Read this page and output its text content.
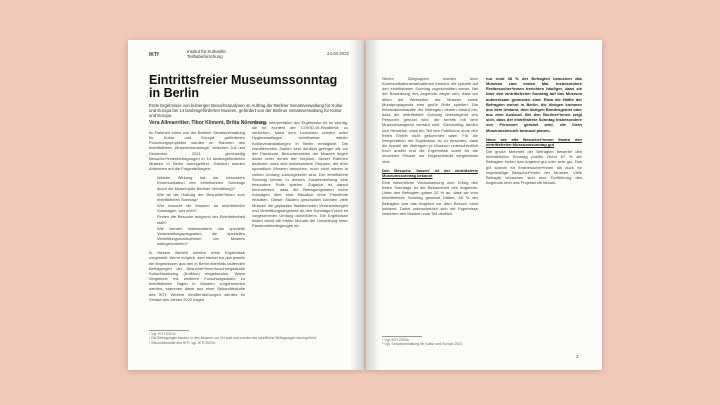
IKTf
Institut für Kulturelle
Teilhabeforschung
24.03.2022
Eintrittsfreier Museumssonntag in Berlin
Erste Ergebnisse von bisheriger Besuchsanalysen im Auftrag der Berliner Senatsverwaltung für Kultur und Europa bei 14 landesgeförderten Museen, gefördert von der Berliner Senatsverwaltung für Kultur und Europa
Vera Allmanritter, Tibor Kliment, Britta Nörenberg

Im Rahmen eines von der Berliner Senatsverwaltung für Kultur und Europa geförderten Forschungsprojektes wurden im Rahmen des eintrittsfreien „Museumssonntags“ zwischen Juli und Dezember 2021 gleichzeitig Besucher*innenbefragungen in 14 landesgeförderten Museen in Berlin durchgeführt. Dadurch wurden Antworten auf die Fragestellungen:

• Welche Wirkung hat der besondere Kommunikation des eintrittsfreien Sonntags durch die Museen(die Berliner Vermittlung)?
• Wie ist die Haltung der Besucher*innen zum eintrittsfreien Sonntag?
• Wer besucht die Museen an eintrittsfreien Sonntagen, wer nicht?
• Finden die Besuche aufgrund der Eintrittsfreiheit statt?
• Wie werden insbesondere das spezielle Veranstaltungsprogramm die speziellen Vermittlungsmaßnahmen der Museen wahrgenommen?

In diesem Bericht werden erste Ergebnisse vorgestellt. Wenn möglich, sind hierbei wo das jeweils ein Ergebnissen aus den in Berlin ebenfalls laufenden Befragungen der Besucher*innenforschungsstudie KulturMonitoring (KulMon) eingebunden. Wann Vergleiche mit weiteren Forschungsdaten zu eintrittsfreien Tagen in Museen vorgenommen werden, stammen diese aus einer Sekundärstudie des IKTf. Weitere Veröffentlichungen werden im Verlauf des Jahres 2022 folgen.

Für eine Interpretation der Ergebnisse ist es wichtig, sie im Kontext der COVID-19-Pandemie zu verstehen. Nach dem Lockdown wurden unter Hygieneauflagen schrittweise wieder Kulturveranstaltungen in Berlin ermöglicht. Die resultierenden Zahlen sind deutlich geringer als vor der Pandemie. Besucherzahlen der Museen liegen daher unter denen der Vorjahre. Dieser Rahmen bedeutet, dass sich insbesondere Gruppen, die eher sporadisch Museen besuchen, noch nicht wieder in vollem Umfang zurückgekehrt sind. Der eintrittsfreie Sonntag könnte in diesem Zusammenhang eine besondere Rolle spielen. Zugleich ist darauf hinzuweisen, dass die Befragungsdaten keine Aussagen über eine Situation ohne Pandemie erlauben. Dieser Studien geschuldet konnten viele Museen die geplanten flankierenden Veranstaltungen und Vermittlungsangebote an den Sonntagen nicht im vorgesehenen Umfang durchführen. Die Ergebnisse bilden damit die ersten Monate der Umsetzung unter Pandemiebedingungen ab.

¹ Vgl. IKTf 2022a.
² Die Befragungen fanden in den Museen vor Ort statt und wurden als schriftliche Befragungen durchgeführt.
³ Sekundärstudie des IKTf, vgl. IKTf 2022b.

Neuen Zielgruppen wurden über Kommunikationsmaßnahmen erreicht, die speziell auf den eintrittsfreien Sonntag zugeschnitten waren. Bei der Bewerbung des Angebots zeigte sich, dass vor allem die Webseiten der Museen sowie Mundpropaganda eine große Rolle spielten. Die Informationskanäle der Befragten deuten darauf hin, dass der eintrittsfreie Sonntag überwiegend von Personen genutzt wird, die bereits mit dem Museumsangebot vertraut sind. Gleichzeitig fanden sich Hinweise, dass ein Teil des Publikums ohne den freien Eintritt nicht gekommen wäre. Für die Interpretation der Ergebnisse ist zu beachten, dass die Anzahl der Befragten je Museum unterschiedlich hoch ausfiel und die Ergebnisse somit für die einzelnen Häuser nur eingeschränkt vergleichbar sind.

Den Besuche 'lassen' ist der eintrittsfreie Museumssonntag bekannt

Eine wesentliche Voraussetzung zum Erfolg des freien Sonntags ist die Bekanntheit des Angebots. Unter den Befragten gaben 52 % an, dass sie vom eintrittsfreien Sonntag gewusst hätten, 48 % der Befragten war das Angebot vor dem Besuch nicht bekannt. Dabei unterscheiden sich die Ergebnisse zwischen den Museen zum Teil deutlich.

nur rund 38 % der Befragten besuchen das Museum zum ersten Mal. Insbesondere Erstbesucher*innen berichten häufiger, dass sie über den eintrittsfreien Sonntag auf das Museum aufmerksam geworden sind. Etwa die Hälfte der Befragten wohnt in Berlin, die übrigen kommen aus dem Umland, dem übrigen Bundesgebiet oder aus dem Ausland. Bei den Berliner*innen zeigt sich, dass der eintrittsfreie Sonntag insbesondere von Personen genutzt wird, die ihren Museumsbesuch bewusst planen.

Neue wie alte Besucher*innen finden den eintrittsfreien Museumssonntag gut

Die große Mehrheit der Befragten bewertet den eintrittsfreien Sonntag positiv. Rund 87 % der Befragten finden das Angebot gut oder sehr gut. Das gilt sowohl für Erstbesucher*innen als auch für regelmäßige Besucher*innen der Museen. Viele Befragte wünschen sich eine Fortführung des Angebots über das Projektende hinaus.

⁴ Vgl. IKTf 2022a.
⁵ Vgl. Senatsverwaltung für Kultur und Europa 2021.
2
